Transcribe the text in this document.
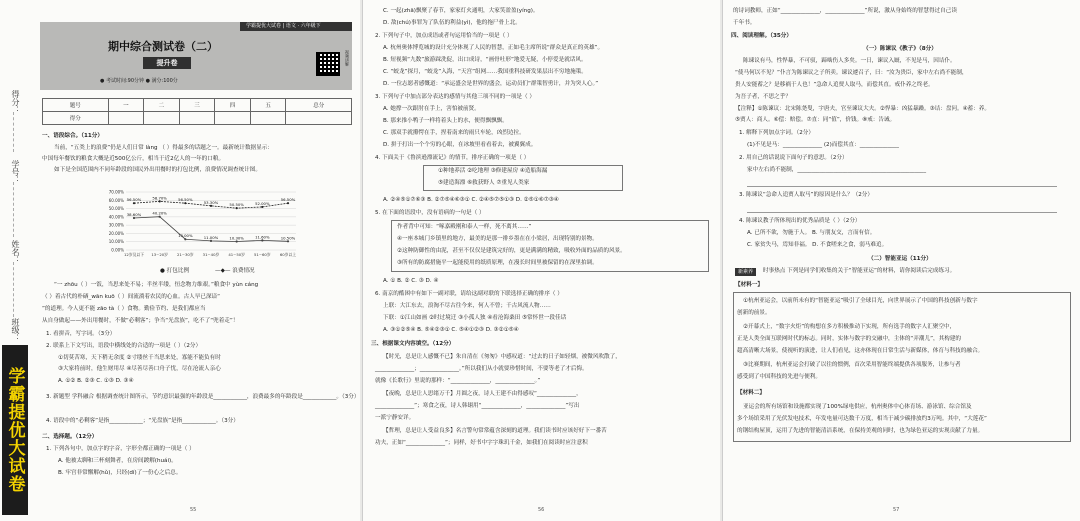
得分：
学号：
姓名：
班级：
学霸提优大试卷
学霸提优大试卷 | 语文 · 六年级下
期中综合测试卷（二）
提升卷
● 考试时间:90分钟 ● 满分:100分
视频讲解
题号	一	二	三	四	五	总分
得分						
一、语段综合。（11分）
当前，“五类上的浪费”仍是人们日常 làng （ ）得最多的话题之一。最新统计数据显示：
中国每年餐饮的粮食大概是近500亿公斤，相当于近2亿人的一年的口粮。
如下是全国范围内不同年龄段的国民外出用餐时的打包比例，浪费情况调查统计图。
70.00%
60.00%
50.00%
40.00%
30.00%
20.00%
10.00%
0.00%
12岁及以下 13~20岁 21~30岁 31~40岁 41~50岁 51~60岁 60岁以上
38.60%	40.20%
13.00%	11.00%	10.30%	11.60%	10.50%
56.50%	58.70%	56.50%
53.30%	50.50%	52.00%
56.50%
● 打包比例	—◆— 浪费情况
“一 zhōu（ ）一饭，当思来处不易；半丝半缕，恒念物力维艰。”粮食中 yùn cáng
（ ）着古代的朴硒_wān kuō（ ）间流淌着农民的心血。古人早已深谙“
”的道理。今人更不能 zāo tà（ ）食物。勤俭节约、是我们都应当
从自身做起——外出用餐时，不做“必剩客”；争当“光盘族”，吃不了“兜着走”！
1. 看拼音，写字词。（3分）
2. 联系上下文写出，语段中横线处的合适的一项是（ ）（2分）
①切莫苦寒，天下稍无余度 ②寸缕丝千当思来处，寡能不能负有时
③大家将前时，他生财用尽 ④尽善尽善口舟子忧，尽在沧流人亲心
A. ①② B. ②③ C. ①③ D. ③④
3. 新题型 学科融合 根据调查统计图所示，节约意识最强的年龄段是____________，浪费最多的年龄段是____________。（3分）
4. 语段中的“必剩客”是指____________；“光盘族”是指____________。（3分）
二、选择题。（12分）
1. 下列各句中，加点字的字音，字形全都正确的一项是（ ）
A. 他被太聊和三杯刻舞者，在房间踱解(huái)。
B. 牢宫非常懈解(hǔ)，只经(dí)了一份心之后总。
55
C. 一起(zhā)飘聚了春节，家家灯火通明，大家笑盈盈(yíng)。
D. 敌(chú)事罪为了队伍的利益(yì)，他的拖尸骨上北。
2. 下列句子中，加点成语或者句运用恰当的一项是（ ）
A. 杭州奥体博览城的设计充分体现了人民的智慧，正如毛主席所说“群众是真正的英雄”。
B. 短视频“九数”旅游踩洗促，出口成诗，“画骨吐形”地爱无疑，小停爱是就话风。
C. “蛟龙”探月，“蛟龙”入海，“天宫”组网……我国重科技研发果层出不穷地施策。
D. 一位志愿者感慨道：“承运盛会是世界的盛会，运动员们“群策智勇计，并为突人心。”
3. 下列句子中加点部分表达的感情与其他三项不同的一项是（ ）
A. 她撑一次跟肘在手上，害怕被前贤。
B. 那来推小鸭子一样将着头上的水，便得飘飘飘。
C. 那双手就攥愕在手，捏着南来的雨只车轮，凶烈边拉。
D. 拼于打出一个个穷的心眼，在冰坡里看看着去，被翼翼成。
4. 下面关于《鲁滨逊漂流记》的情节，排序正确的一项是（ ）
①种地养活 ②吃地理 ③修建屋房 ④造船海漏
⑤建造海漂 ⑥救获野人 ⑦重见人类家
A. ②④⑤①⑦⑥③ B. ②⑦⑤④⑥③① C. ②④⑤⑦⑤①③ D. ②⑤①⑥⑦③④
5. 在下面的语段中，没有语病的一句是（ ）
作者背中可知：“啄嘉殿刚和泰人一样，死不离其……”
④一座本城门乡镇里的地方，最美的是那一排乡墨在在小梁居，出现特别的景物。
②这种防御性的由泥，甚至不仅仅是建筑完好的，更是满满的精致，吸收外面的品质的风景。
③所有的防腐措施平一起能使用的纸质原理，在漫长时间里被保留的在深里拍调。
A. ① B. ② C. ③ D. ④
6. 南京的酷困中有如下一副对联，请给这副对联的下联选择正确的排序（ ）
上联：大江东去，浪淘不尽古往今来，何人不曾；千古风流人物……
下联：①江山如画 ②时过境迁 ③小孤人独 ④看沧海桑田 ⑤常怀世一段佳话
A. ③①②⑤④ B. ⑤④②③① C. ⑤④①②③ D. ③②①⑤④
三、根据课文内容填空。（12分）
【时光，总是让人感慨不已】朱自清在《匆匆》中感叹道：“过去的日子如轻烟，被微风吹散了，
______________；______________。”所以我们从小就要珍惜时间，不要等老了才后悔。
就像《长歌行》里说的那样：“______________，______________。”
【夜晚，总是让人思绪万千】月圆之夜，诗人王建不由得感叹“______________，
______________”；寒食之夜，诗人韩翃用“______________，______________”写出
一派宁静安详。
【哲理，总是让人受益良多】名言警句常常蕴含深刻的道理。我们读书时应该好好下一番苦
功夫，正如“______________”；同样，好书中字字珠玑千金，如我们在阅读时应注意积
56
的诗词教师，正如“______________，______________”所说，激从身始终的智慧得过自己读
千年书。
四、阅读理解。（35分）
（一）陈谏议《教子》（8分）
陈谏议有马，性悍暴，不可驭，蹄啮伤人多矣。一日，谏议入厩，不见是马，因诘仆。
“使马何以不见？”仆言为陈谏议之子所卖。谏议遽召子，曰：“汝为贵臣，家中左右尚不能制，
贵人安能蓄之？是移祸于人也！”急命人追贾人取马，而偿其直。戒仆养之终老。
为吾子者，不思之乎？
【注释】①陈谏议：北宋陈尧叟，宇唐夫，官至谏议大夫。②悍暴：凶猛暴躁。③诘：盘问。④蓄：养。
⑤贾人：商人。⑥偿：赔偿。⑦直：同“值”，价钱。⑧戒：告诫。
1. 解释下列加点字词。（2分）
(1)不见是马：______________ (2)而偿其直：______________
2. 用自己的话说说下面句子的意思。（2分）
家中左右尚不能制，______________________________________________
3. 陈谏议“急命人追贾人取马”的原因是什么？（2分）
4. 陈谏议教子所体现出的优秀品质是（ ）（2分）
A. 已所不欲，勿施于人。 B. 与朋友交，言而有信。
C. 家贫失马，焉知非福。 D. 不食嗟来之食，弱马难追。
（二）智能亚运（11分）
新素养	时事热点 下列是同学们收集的关于“智能亚运”的材料，请你阅读后完成练习。
【材料一】
①杭州亚运会，以前所未有的“智能亚运”吸引了全球目光，向世界展示了中国的科技创新与数字
创新的前景。
②开幕式上，“数字火炬”的构想在多方积极推动下实现，所有选手的数字人汇聚空中，
正是人类全面互联网时代的标志。同时，实体与数字的交融中，主体的“弄潮儿”，其构建的
超高清晰大场景，使视听的演进，让人们看见，这亦体现在日常生活与新媒体，体育与科技的融合。
③比赛期间，杭州亚运会打破了以往的惯例，首次采用智能终端提供各项服务，让参与者
感受到了中国科技的先进与便利。
【材料二】
亚运会的所有场馆和设施都实现了100%绿电供应，杭州奥体中心体育场、游泳馆、综合馆及
多个场馆采用了光伏发电技术，年发电量可达数千万度，相当于减少碳排放约3万吨。其中，“大莲花”
的钢结构屋顶，运用了先进的智能清洁系统，在保持美观的同时，也为绿色亚运的实现贡献了力量。
57
